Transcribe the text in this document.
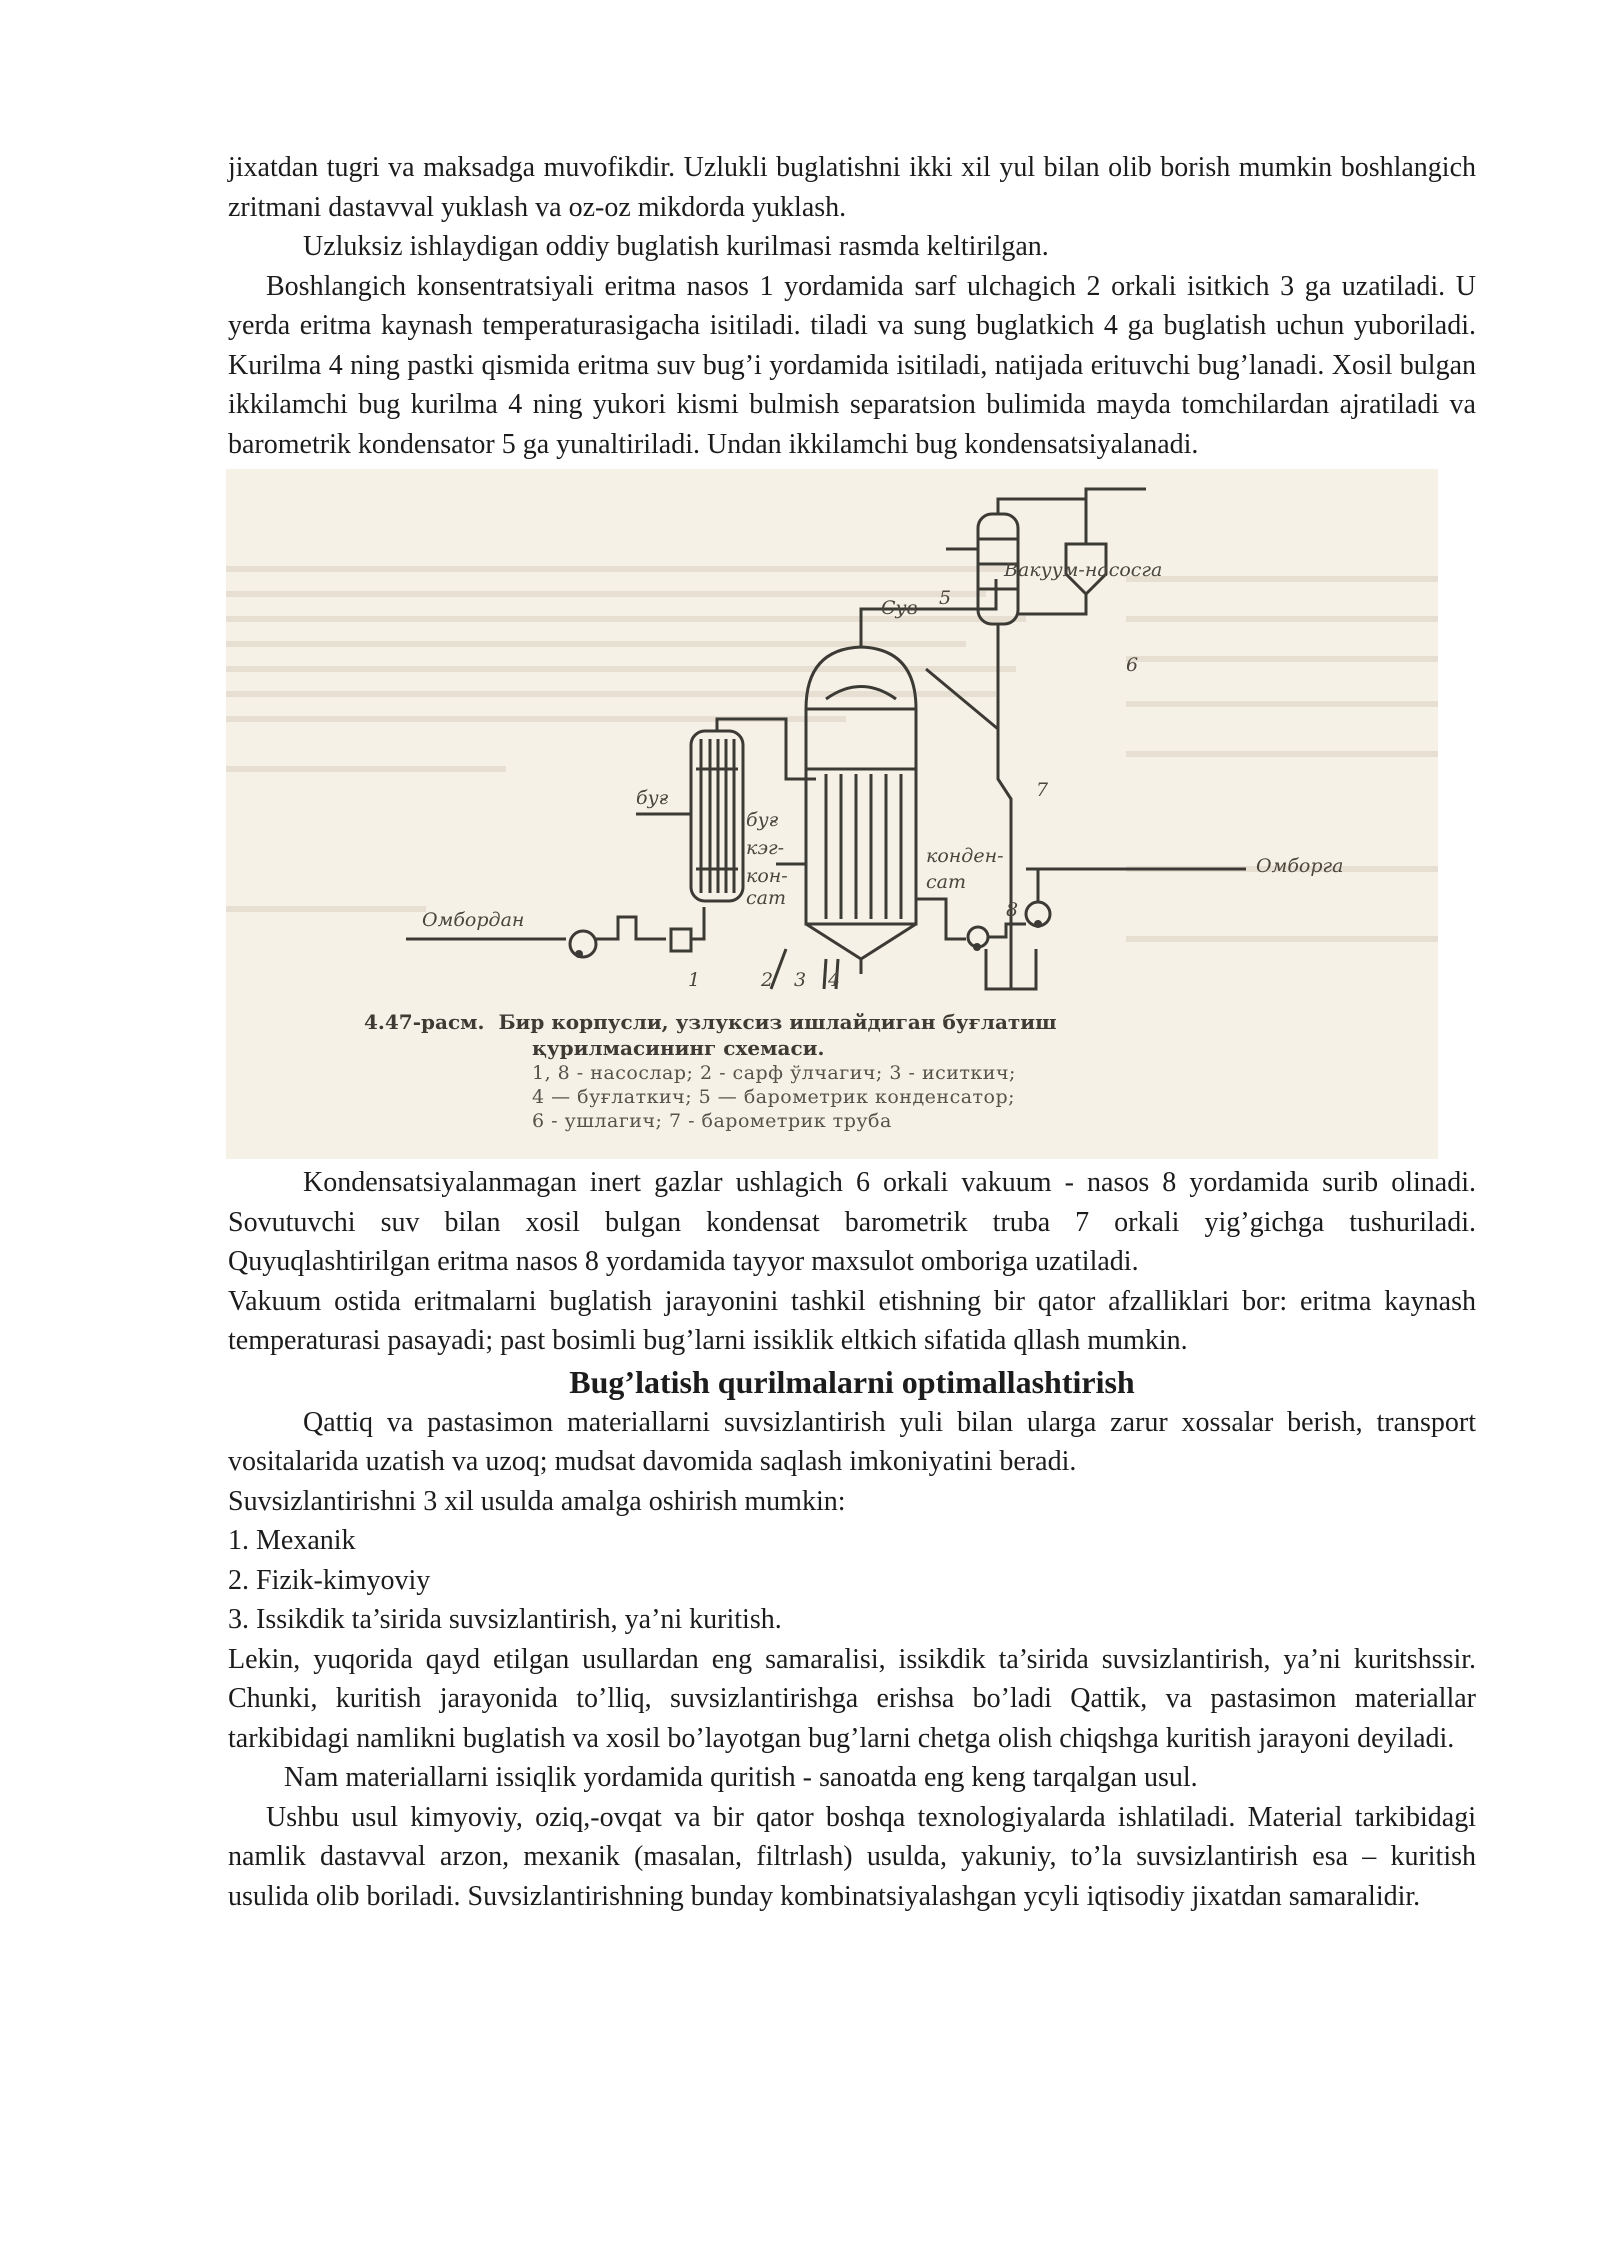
jixatdan tugri va maksadga muvofikdir. Uzlukli buglatishni ikki xil yul bilan olib borish mumkin boshlangich zritmani dastavval yuklash va oz-oz mikdorda yuklash.

Uzluksiz ishlaydigan oddiy buglatish kurilmasi rasmda keltirilgan.

Boshlangich konsentratsiyali eritma nasos 1 yordamida sarf ulchagich 2 orkali isitkich 3 ga uzatiladi. U yerda eritma kaynash temperaturasigacha isitiladi. tiladi va sung buglatkich 4 ga buglatish uchun yuboriladi. Kurilma 4 ning pastki qismida eritma suv bug’i yordamida isitiladi, natijada erituvchi bug’lanadi. Xosil bulgan ikkilamchi bug kurilma 4 ning yukori kismi bulmish separatsion bulimida mayda tomchilardan ajratiladi va barometrik kondensator 5 ga yunaltiriladi. Undan ikkilamchi bug kondensatsiyalanadi.

Вакуум-насосга
Сув 5
6
7
буғ
буғ
кэг-
кон-
сат
конден-
сат
Омборга
Омбордан	8
1	2 3 4
4.47-расм. Бир корпусли, узлуксиз ишлайдиган буғлатиш
қурилмасининг схемаси.
1, 8 - насослар; 2 - сарф ўлчагич; 3 - иситкич;
4 — буғлаткич; 5 — барометрик конденсатор;
6 - ушлагич; 7 - барометрик труба

Kondensatsiyalanmagan inert gazlar ushlagich 6 orkali vakuum - nasos 8 yordamida surib olinadi. Sovutuvchi suv bilan xosil bulgan kondensat barometrik truba 7 orkali yig’gichga tushuriladi. Quyuqlashtirilgan eritma nasos 8 yordamida tayyor maxsulot omboriga uzatiladi.

Vakuum ostida eritmalarni buglatish jarayonini tashkil etishning bir qator afzalliklari bor: eritma kaynash temperaturasi pasayadi; past bosimli bug’larni issiklik eltkich sifatida qllash mumkin.

Bug’latish qurilmalarni optimallashtirish

Qattiq va pastasimon materiallarni suvsizlantirish yuli bilan ularga zarur xossalar berish, transport vositalarida uzatish va uzoq; mudsat davomida saqlash imkoniyatini beradi.

Suvsizlantirishni 3 xil usulda amalga oshirish mumkin:

1. Mexanik

2. Fizik-kimyoviy

3. Issikdik ta’sirida suvsizlantirish, ya’ni kuritish.

Lekin, yuqorida qayd etilgan usullardan eng samaralisi, issikdik ta’sirida suvsizlantirish, ya’ni kuritshssir. Chunki, kuritish jarayonida to’lliq, suvsizlantirishga erishsa bo’ladi Qattik, va pastasimon materiallar tarkibidagi namlikni buglatish va xosil bo’layotgan bug’larni chetga olish chiqshga kuritish jarayoni deyiladi.

Nam materiallarni issiqlik yordamida quritish - sanoatda eng keng tarqalgan usul.

Ushbu usul kimyoviy, oziq,-ovqat va bir qator boshqa texnologiyalarda ishlatiladi. Material tarkibidagi namlik dastavval arzon, mexanik (masalan, filtrlash) usulda, yakuniy, to’la suvsizlantirish esa – kuritish usulida olib boriladi. Suvsizlantirishning bunday kombinatsiyalashgan ycyli iqtisodiy jixatdan samaralidir.
